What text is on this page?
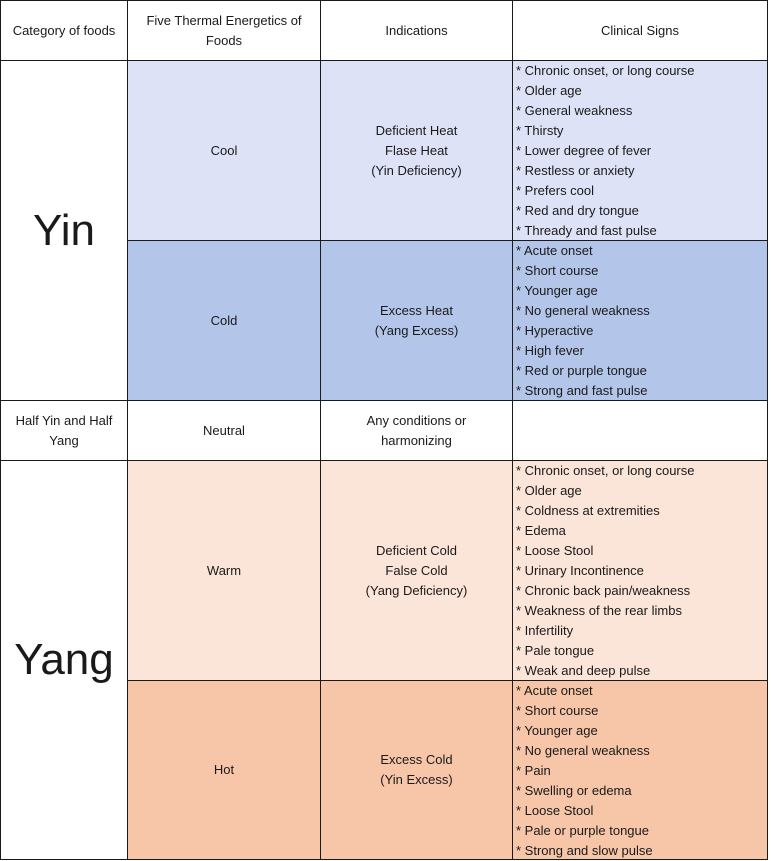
Category of foods
Five Thermal Energetics of
Foods
Indications	Clinical Signs
Yin
Cool
Deficient Heat
Flase Heat
(Yin Deficiency)
* Chronic onset, or long course
* Older age
* General weakness
* Thirsty
* Lower degree of fever
* Restless or anxiety
* Prefers cool
* Red and dry tongue
* Thready and fast pulse
Cold
Excess Heat
(Yang Excess)
* Acute onset
* Short course
* Younger age
* No general weakness
* Hyperactive
* High fever
* Red or purple tongue
* Strong and fast pulse
Half Yin and Half
Yang
Neutral
Any conditions or
harmonizing
Yang
Warm
Deficient Cold
False Cold
(Yang Deficiency)
* Chronic onset, or long course
* Older age
* Coldness at extremities
* Edema
* Loose Stool
* Urinary Incontinence
* Chronic back pain/weakness
* Weakness of the rear limbs
* Infertility
* Pale tongue
* Weak and deep pulse
Hot
Excess Cold
(Yin Excess)
* Acute onset
* Short course
* Younger age
* No general weakness
* Pain
* Swelling or edema
* Loose Stool
* Pale or purple tongue
* Strong and slow pulse
